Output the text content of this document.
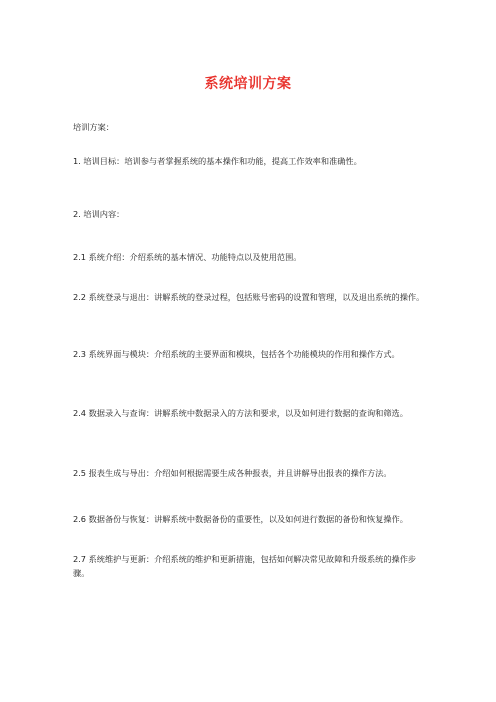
系统培训方案

培训方案：

1. 培训目标：培训参与者掌握系统的基本操作和功能，提高工作效率和准确性。

2. 培训内容：

2.1 系统介绍：介绍系统的基本情况、功能特点以及使用范围。

2.2 系统登录与退出：讲解系统的登录过程，包括账号密码的设置和管理，以及退出系统的操作。

2.3 系统界面与模块：介绍系统的主要界面和模块，包括各个功能模块的作用和操作方式。

2.4 数据录入与查询：讲解系统中数据录入的方法和要求，以及如何进行数据的查询和筛选。

2.5 报表生成与导出：介绍如何根据需要生成各种报表，并且讲解导出报表的操作方法。

2.6 数据备份与恢复：讲解系统中数据备份的重要性，以及如何进行数据的备份和恢复操作。

2.7 系统维护与更新：介绍系统的维护和更新措施，包括如何解决常见故障和升级系统的操作步骤。
